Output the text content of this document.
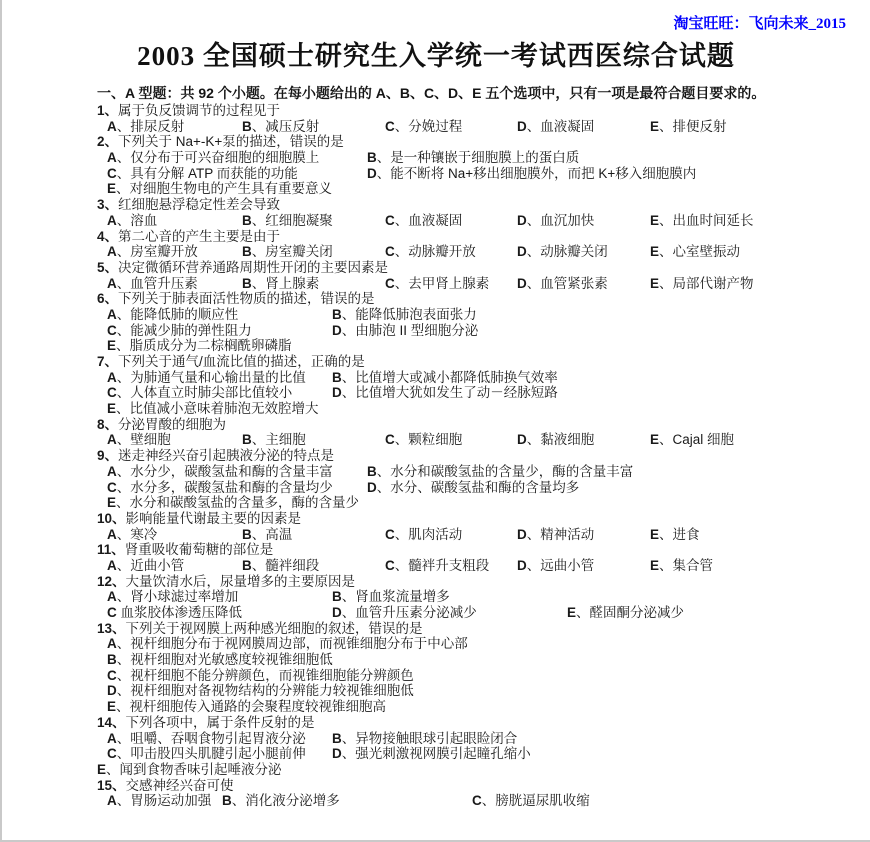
淘宝旺旺：飞向未来_2015
2003 全国硕士研究生入学统一考试西医综合试题
一、A 型题：共 92 个小题。在每小题给出的 A、B、C、D、E 五个选项中，只有一项是最符合题目要求的。
1、属于负反馈调节的过程见于
A、排尿反射	B、减压反射	C、分娩过程	D、血液凝固	E、排便反射
2、下列关于 Na+-K+泵的描述，错误的是
A、仅分布于可兴奋细胞的细胞膜上	B、是一种镶嵌于细胞膜上的蛋白质
C、具有分解 ATP 而获能的功能	D、能不断将 Na+移出细胞膜外，而把 K+移入细胞膜内
E、对细胞生物电的产生具有重要意义
3、红细胞悬浮稳定性差会导致
A、溶血	B、红细胞凝聚	C、血液凝固	D、血沉加快	E、出血时间延长
4、第二心音的产生主要是由于
A、房室瓣开放	B、房室瓣关闭	C、动脉瓣开放	D、动脉瓣关闭	E、心室壁振动
5、决定微循环营养通路周期性开闭的主要因素是
A、血管升压素	B、肾上腺素	C、去甲肾上腺素 D、血管紧张素	E、局部代谢产物
6、下列关于肺表面活性物质的描述，错误的是
A、能降低肺的顺应性	B、能降低肺泡表面张力
C、能减少肺的弹性阻力	D、由肺泡 II 型细胞分泌
E、脂质成分为二棕榈酰卵磷脂
7、下列关于通气/血流比值的描述，正确的是
A、为肺通气量和心输出量的比值 B、比值增大或减小都降低肺换气效率
C、人体直立时肺尖部比值较小	D、比值增大犹如发生了动－经脉短路
E、比值减小意味着肺泡无效腔增大
8、分泌胃酸的细胞为
A、壁细胞	B、主细胞	C、颗粒细胞	D、黏液细胞	E、Cajal 细胞
9、迷走神经兴奋引起胰液分泌的特点是
A、水分少，碳酸氢盐和酶的含量丰富	B、水分和碳酸氢盐的含量少，酶的含量丰富
C、水分多，碳酸氢盐和酶的含量均少	D、水分、碳酸氢盐和酶的含量均多
E、水分和碳酸氢盐的含量多，酶的含量少
10、影响能量代谢最主要的因素是
A、寒冷	B、高温	C、肌肉活动	D、精神活动	E、进食
11、肾重吸收葡萄糖的部位是
A、近曲小管	B、髓袢细段	C、髓袢升支粗段 D、远曲小管	E、集合管
12、大量饮清水后，尿量增多的主要原因是
A、肾小球滤过率增加	B、肾血浆流量增多
C 血浆胶体渗透压降低	D、血管升压素分泌减少	E、醛固酮分泌减少
13、下列关于视网膜上两种感光细胞的叙述，错误的是
A、视杆细胞分布于视网膜周边部，而视锥细胞分布于中心部
B、视杆细胞对光敏感度较视锥细胞低
C、视杆细胞不能分辨颜色，而视锥细胞能分辨颜色
D、视杆细胞对备视物结构的分辨能力较视锥细胞低
E、视杆细胞传入通路的会聚程度较视锥细胞高
14、下列各项中，属于条件反射的是
A、咀嚼、吞咽食物引起胃液分泌 B、异物接触眼球引起眼睑闭合
C、叩击股四头肌腱引起小腿前伸 D、强光刺激视网膜引起瞳孔缩小
E、闻到食物香味引起唾液分泌
15、交感神经兴奋可使
A、胃肠运动加强 B、消化液分泌增多	C、膀胱逼尿肌收缩
